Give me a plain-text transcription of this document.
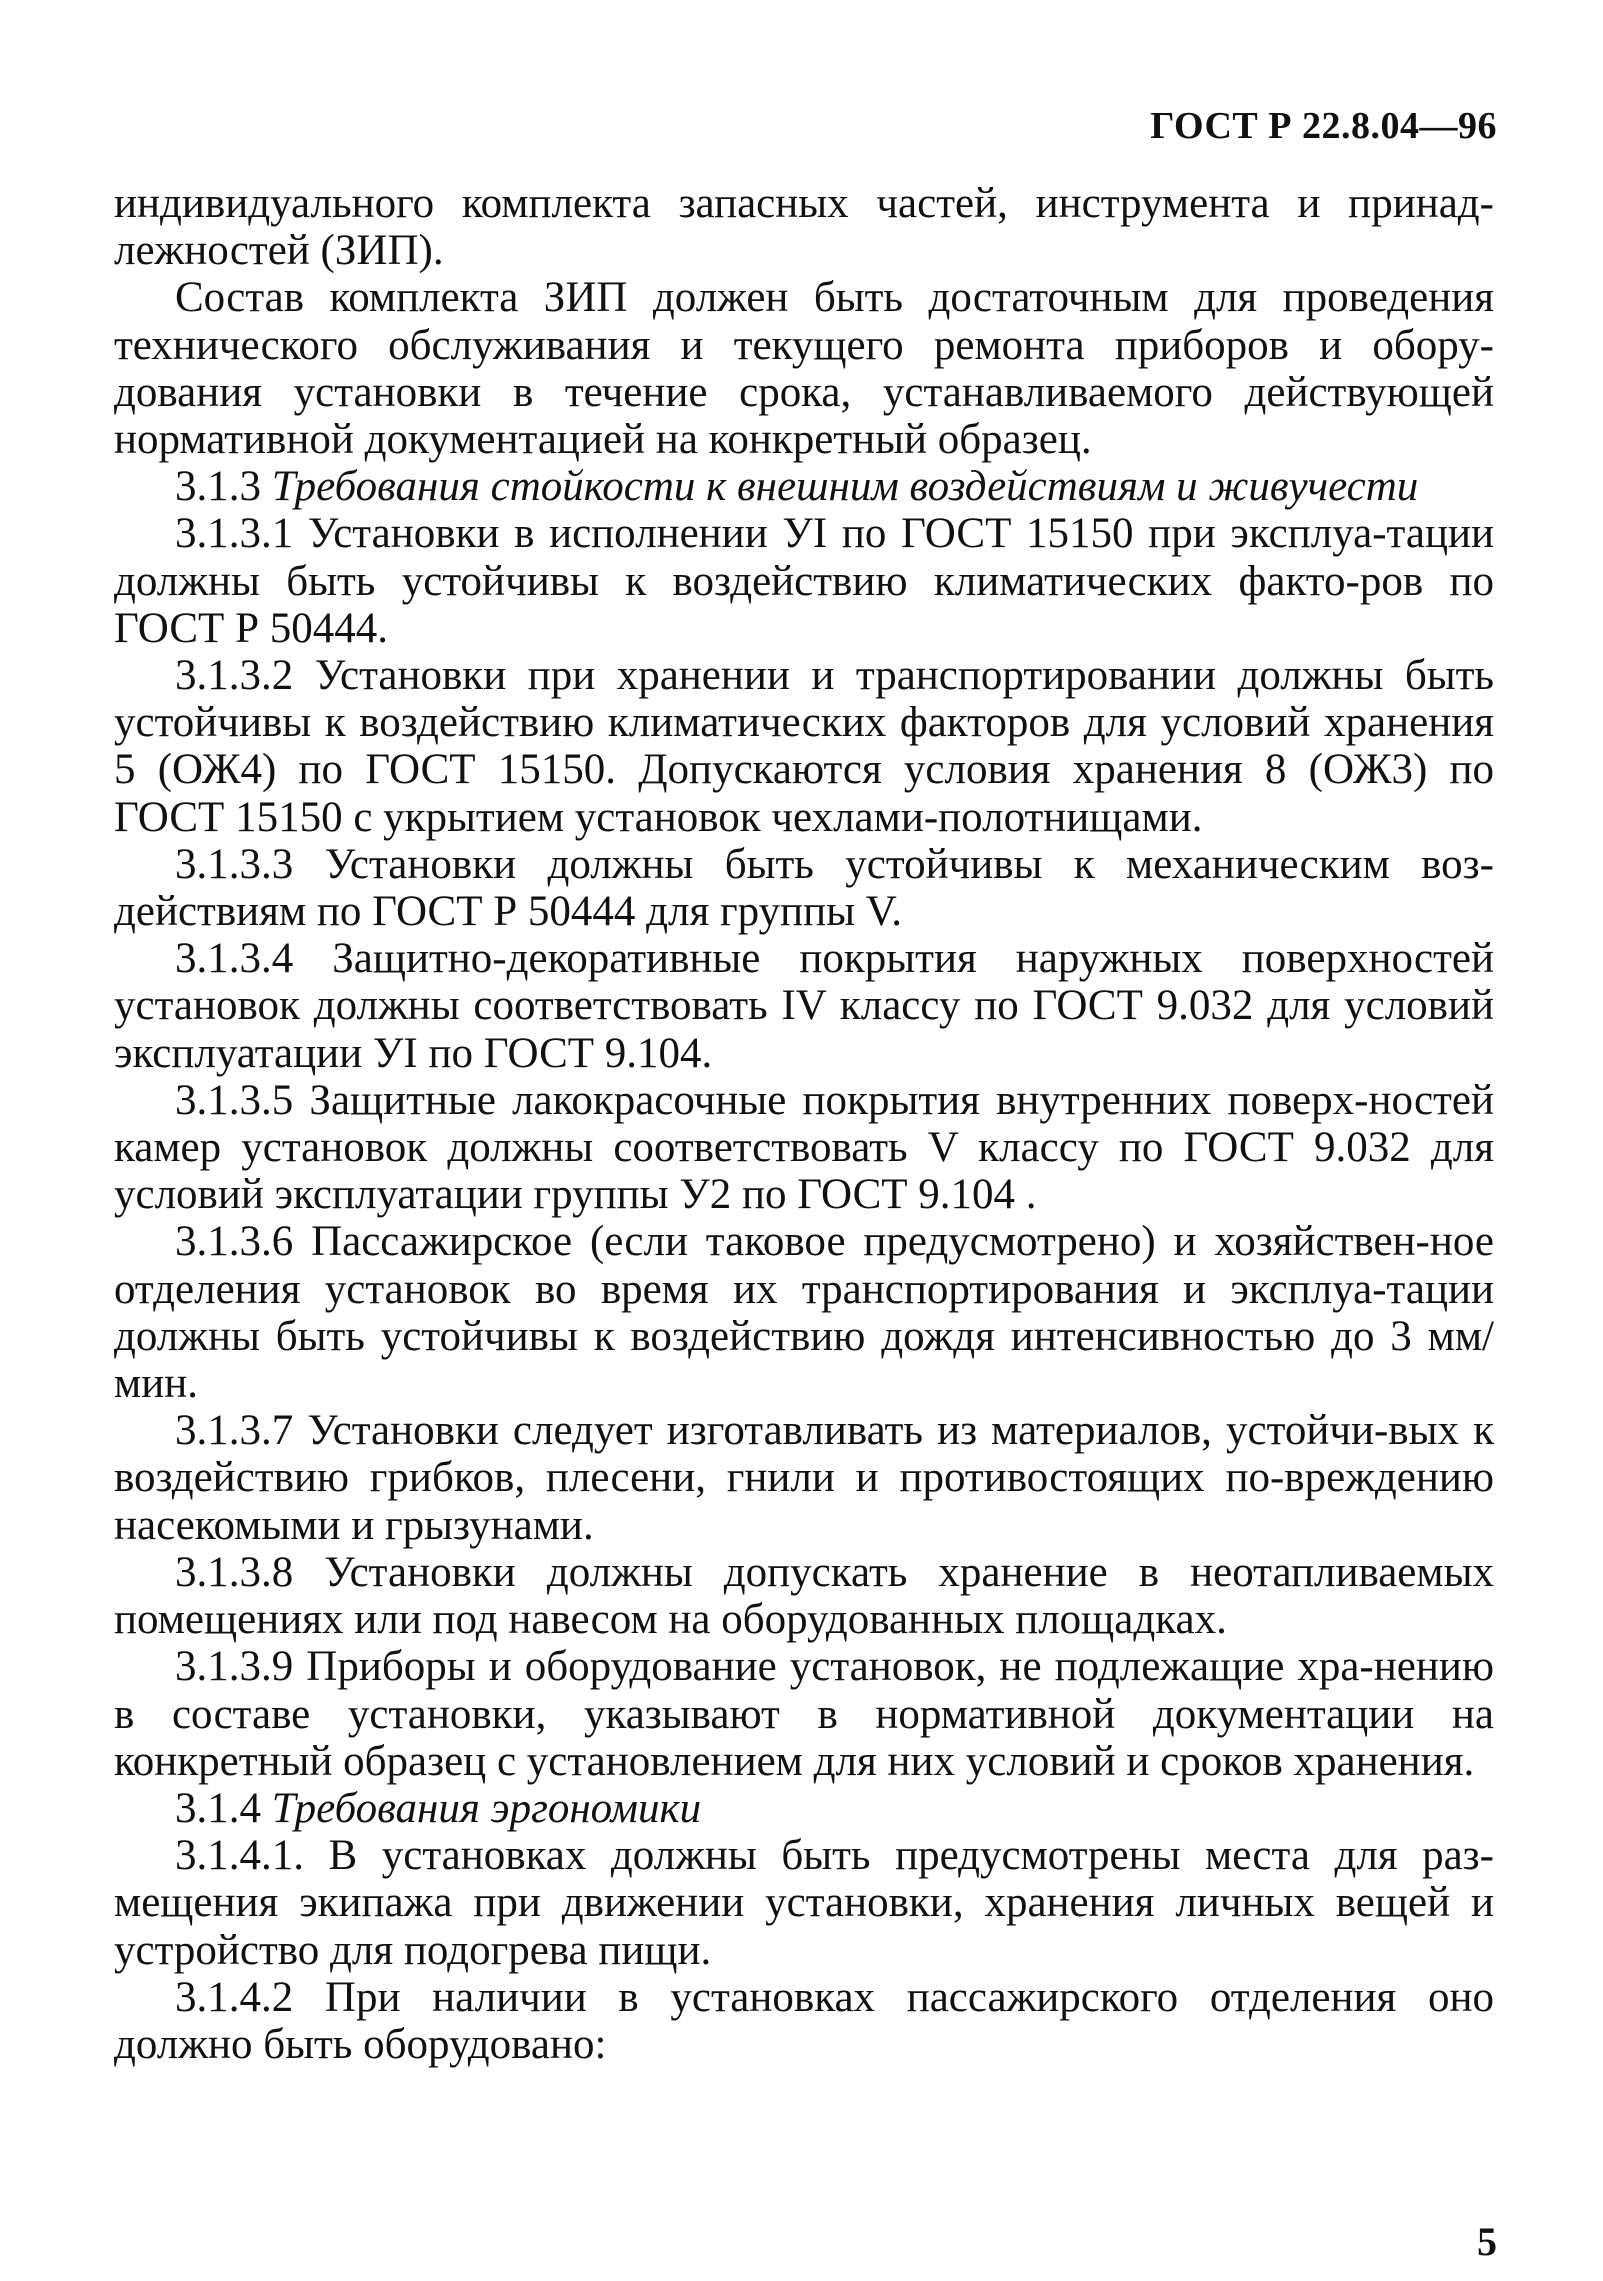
ГОСТ Р 22.8.04—96

индивидуального комплекта запасных частей, инструмента и принад-лежностей (ЗИП).

Состав комплекта ЗИП должен быть достаточным для проведения технического обслуживания и текущего ремонта приборов и обору-дования установки в течение срока, устанавливаемого действующей нормативной документацией на конкретный образец.

3.1.3 Требования стойкости к внешним воздействиям и живучести

3.1.3.1 Установки в исполнении УI по ГОСТ 15150 при эксплуа-тации должны быть устойчивы к воздействию климатических факто-ров по ГОСТ Р 50444.

3.1.3.2 Установки при хранении и транспортировании должны быть устойчивы к воздействию климатических факторов для условий хранения 5 (ОЖ4) по ГОСТ 15150. Допускаются условия хранения 8 (ОЖ3) по ГОСТ 15150 с укрытием установок чехлами-полотнищами.

3.1.3.3 Установки должны быть устойчивы к механическим воз-действиям по ГОСТ Р 50444 для группы V.

3.1.3.4 Защитно-декоративные покрытия наружных поверхностей установок должны соответствовать IV классу по ГОСТ 9.032 для условий эксплуатации УI по ГОСТ 9.104.

3.1.3.5 Защитные лакокрасочные покрытия внутренних поверх-ностей камер установок должны соответствовать V классу по ГОСТ 9.032 для условий эксплуатации группы У2 по ГОСТ 9.104 .

3.1.3.6 Пассажирское (если таковое предусмотрено) и хозяйствен-ное отделения установок во время их транспортирования и эксплуа-тации должны быть устойчивы к воздействию дождя интенсивностью до 3 мм/мин.

3.1.3.7 Установки следует изготавливать из материалов, устойчи-вых к воздействию грибков, плесени, гнили и противостоящих по-вреждению насекомыми и грызунами.

3.1.3.8 Установки должны допускать хранение в неотапливаемых помещениях или под навесом на оборудованных площадках.

3.1.3.9 Приборы и оборудование установок, не подлежащие хра-нению в составе установки, указывают в нормативной документации на конкретный образец с установлением для них условий и сроков хранения.

3.1.4 Требования эргономики

3.1.4.1. В установках должны быть предусмотрены места для раз-мещения экипажа при движении установки, хранения личных вещей и устройство для подогрева пищи.

3.1.4.2 При наличии в установках пассажирского отделения оно должно быть оборудовано:

5
